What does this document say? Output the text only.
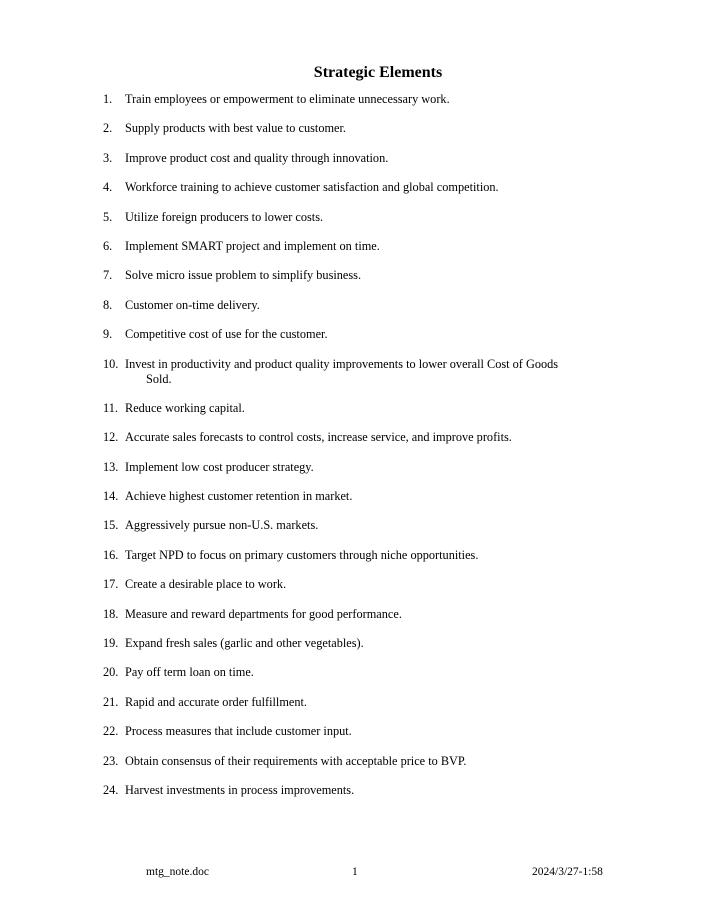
Strategic Elements
1.	Train employees or empowerment to eliminate unnecessary work.
2.	Supply products with best value to customer.
3.	Improve product cost and quality through innovation.
4.	Workforce training to achieve customer satisfaction and global competition.
5.	Utilize foreign producers to lower costs.
6.	Implement SMART project and implement on time.
7.	Solve micro issue problem to simplify business.
8.	Customer on-time delivery.
9.	Competitive cost of use for the customer.
10. Invest in productivity and product quality improvements to lower overall Cost of Goods
Sold.
11. Reduce working capital.
12. Accurate sales forecasts to control costs, increase service, and improve profits.
13. Implement low cost producer strategy.
14. Achieve highest customer retention in market.
15. Aggressively pursue non-U.S. markets.
16. Target NPD to focus on primary customers through niche opportunities.
17. Create a desirable place to work.
18. Measure and reward departments for good performance.
19. Expand fresh sales (garlic and other vegetables).
20. Pay off term loan on time.
21. Rapid and accurate order fulfillment.
22. Process measures that include customer input.
23. Obtain consensus of their requirements with acceptable price to BVP.
24. Harvest investments in process improvements.
mtg_note.doc	1	2024/3/27-1:58
